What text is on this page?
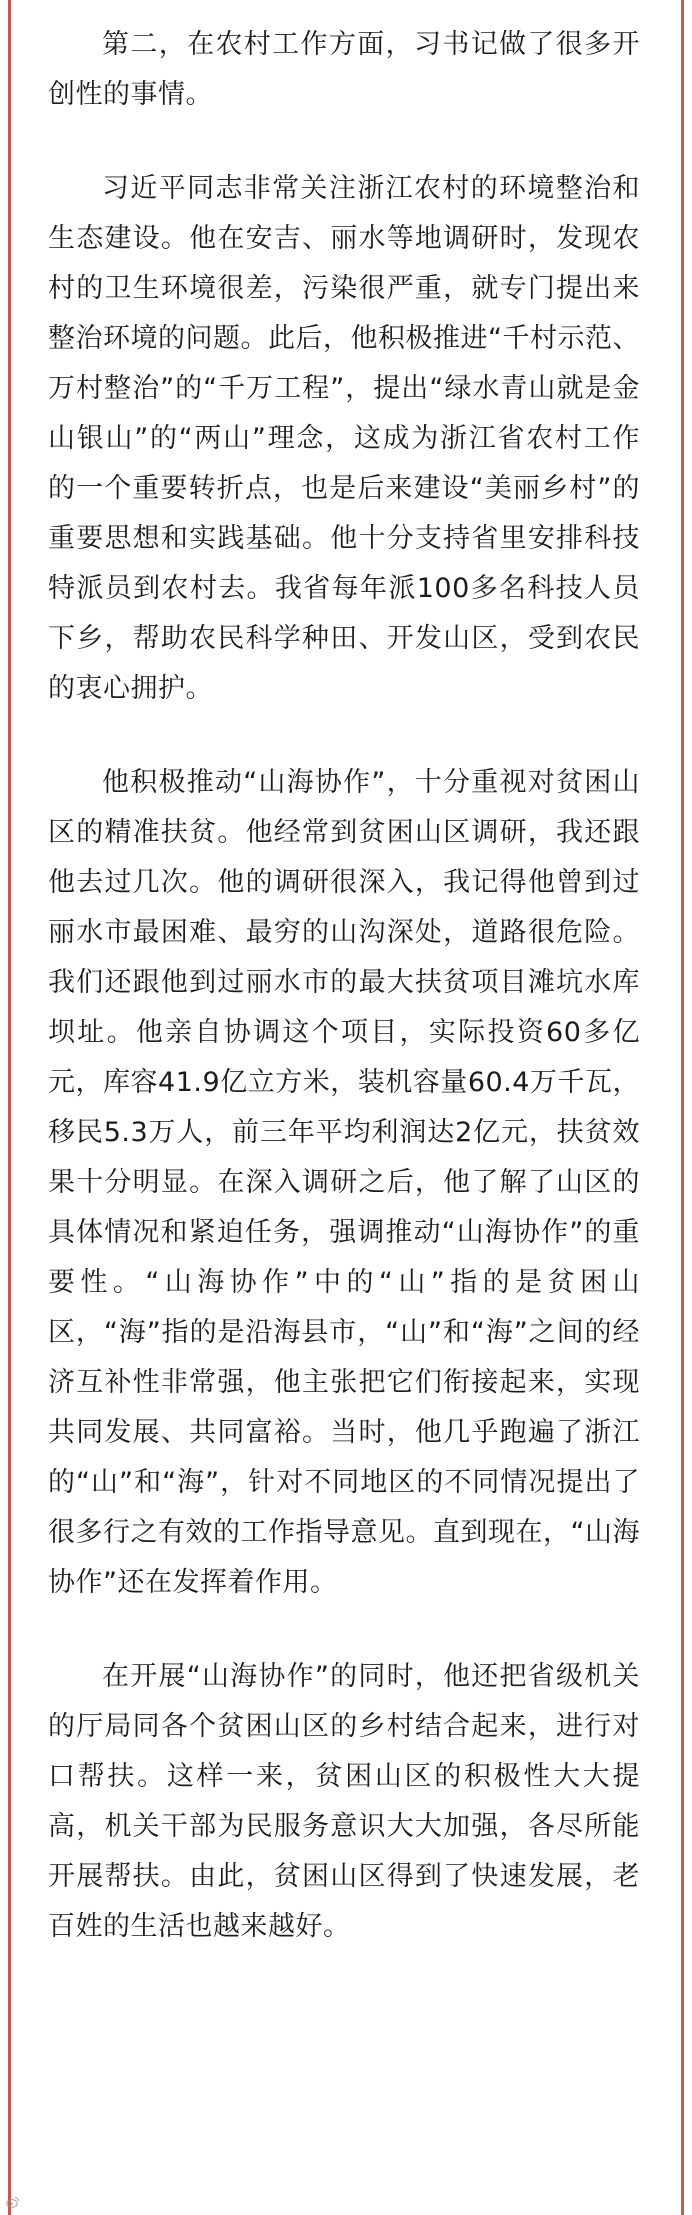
第二，在农村工作方面，习书记做了很多开创性的事情。

习近平同志非常关注浙江农村的环境整治和生态建设。他在安吉、丽水等地调研时，发现农村的卫生环境很差，污染很严重，就专门提出来整治环境的问题。此后，他积极推进“千村示范、万村整治”的“千万工程”，提出“绿水青山就是金山银山”的“两山”理念，这成为浙江省农村工作的一个重要转折点，也是后来建设“美丽乡村”的重要思想和实践基础。他十分支持省里安排科技特派员到农村去。我省每年派100多名科技人员下乡，帮助农民科学种田、开发山区，受到农民的衷心拥护。

他积极推动“山海协作”，十分重视对贫困山区的精准扶贫。他经常到贫困山区调研，我还跟他去过几次。他的调研很深入，我记得他曾到过丽水市最困难、最穷的山沟深处，道路很危险。我们还跟他到过丽水市的最大扶贫项目滩坑水库坝址。他亲自协调这个项目，实际投资60多亿元，库容41.9亿立方米，装机容量60.4万千瓦，移民5.3万人，前三年平均利润达2亿元，扶贫效果十分明显。在深入调研之后，他了解了山区的具体情况和紧迫任务，强调推动“山海协作”的重要性。“山海协作”中的“山”指的是贫困山区，“海”指的是沿海县市，“山”和“海”之间的经济互补性非常强，他主张把它们衔接起来，实现共同发展、共同富裕。当时，他几乎跑遍了浙江的“山”和“海”，针对不同地区的不同情况提出了很多行之有效的工作指导意见。直到现在，“山海协作”还在发挥着作用。

在开展“山海协作”的同时，他还把省级机关的厅局同各个贫困山区的乡村结合起来，进行对口帮扶。这样一来，贫困山区的积极性大大提高，机关干部为民服务意识大大加强，各尽所能开展帮扶。由此，贫困山区得到了快速发展，老百姓的生活也越来越好。
